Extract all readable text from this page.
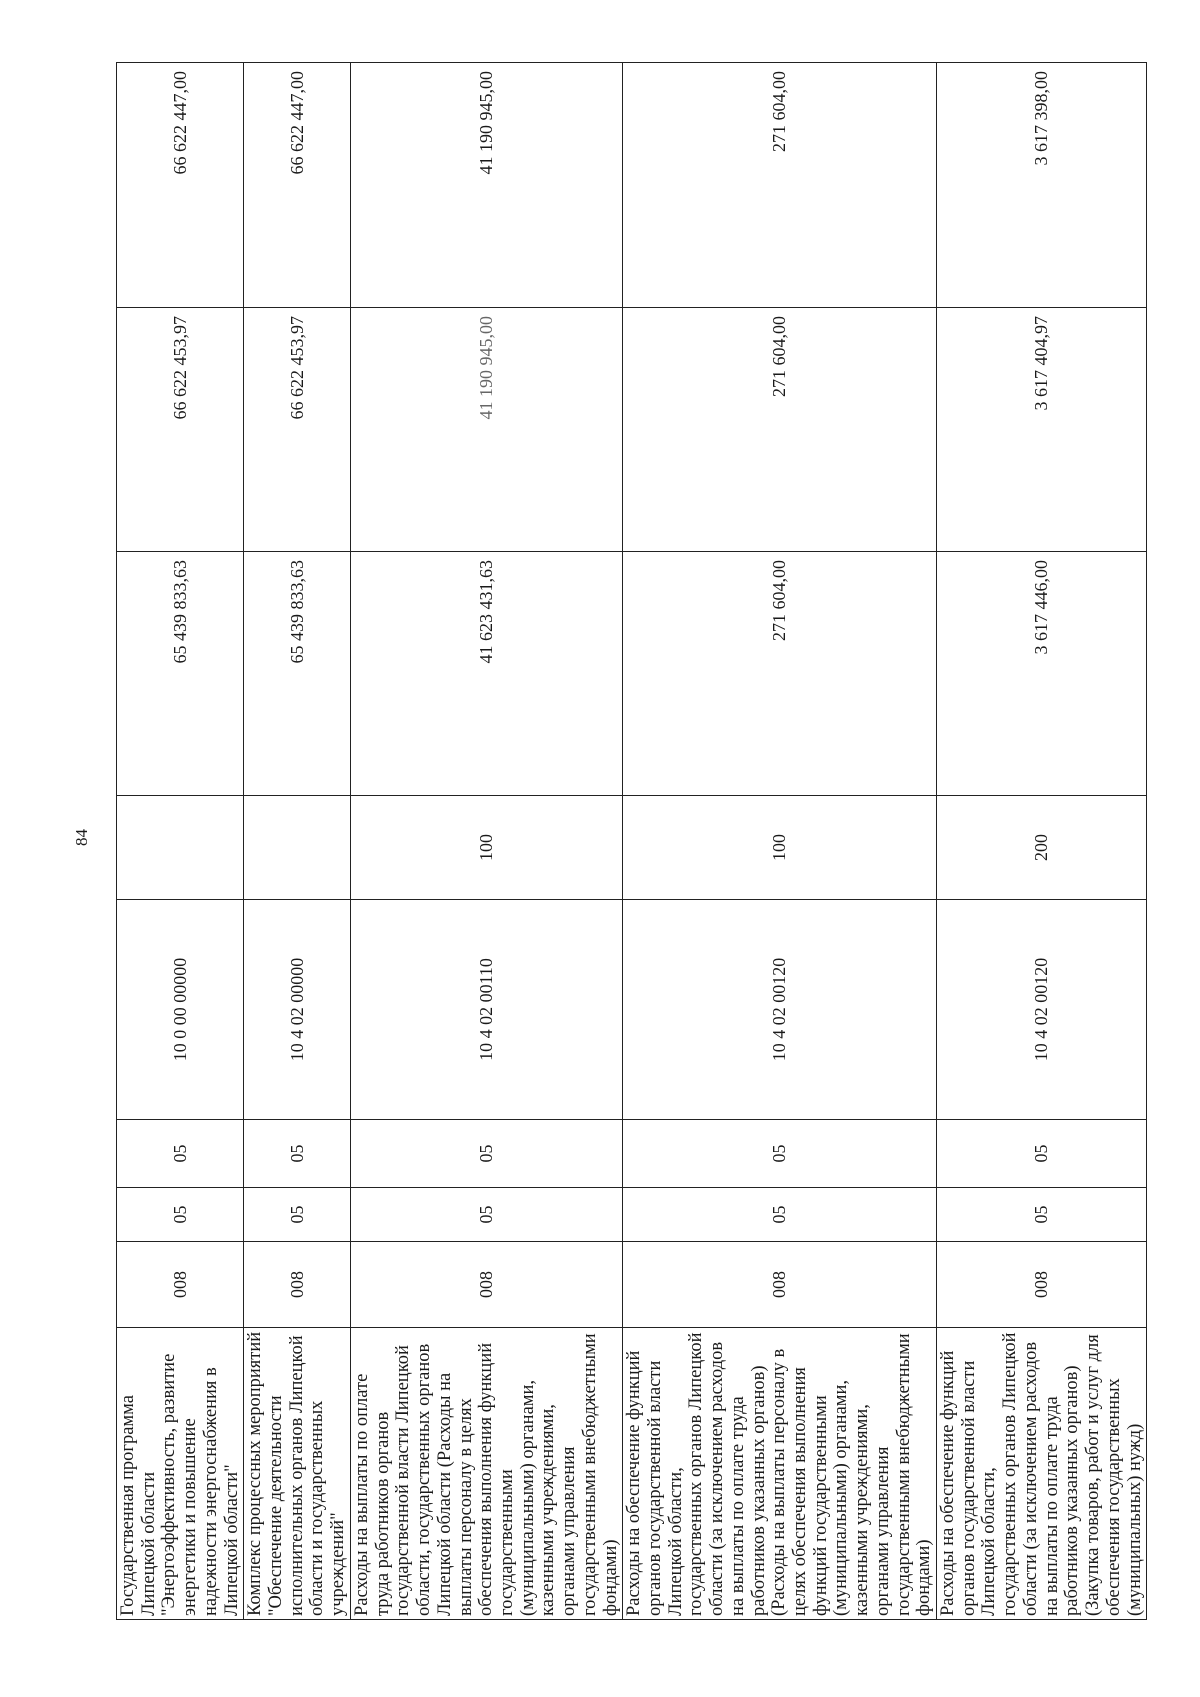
84
Государственная программа Липецкой области "Энергоэффективность, развитие энергетики и повышение надежности энергоснабжения в Липецкой области"	008	05	05	10 0 00 00000		65 439 833,63	66 622 453,97	66 622 447,00
Комплекс процессных мероприятий "Обеспечение деятельности исполнительных органов Липецкой области и государственных учреждений"	008	05	05	10 4 02 00000		65 439 833,63	66 622 453,97	66 622 447,00
Расходы на выплаты по оплате труда работников органов государственной власти Липецкой области, государственных органов Липецкой области (Расходы на выплаты персоналу в целях обеспечения выполнения функций государственными (муниципальными) органами, казенными учреждениями, органами управления государственными внебюджетными фондами)	008	05	05	10 4 02 00110	100	41 623 431,63	41 190 945,00	41 190 945,00
Расходы на обеспечение функций органов государственной власти Липецкой области, государственных органов Липецкой области (за исключением расходов на выплаты по оплате труда работников указанных органов) (Расходы на выплаты персоналу в целях обеспечения выполнения функций государственными (муниципальными) органами, казенными учреждениями, органами управления государственными внебюджетными фондами)	008	05	05	10 4 02 00120	100	271 604,00	271 604,00	271 604,00
Расходы на обеспечение функций органов государственной власти Липецкой области, государственных органов Липецкой области (за исключением расходов на выплаты по оплате труда работников указанных органов) (Закупка товаров, работ и услуг для обеспечения государственных (муниципальных) нужд)	008	05	05	10 4 02 00120	200	3 617 446,00	3 617 404,97	3 617 398,00
